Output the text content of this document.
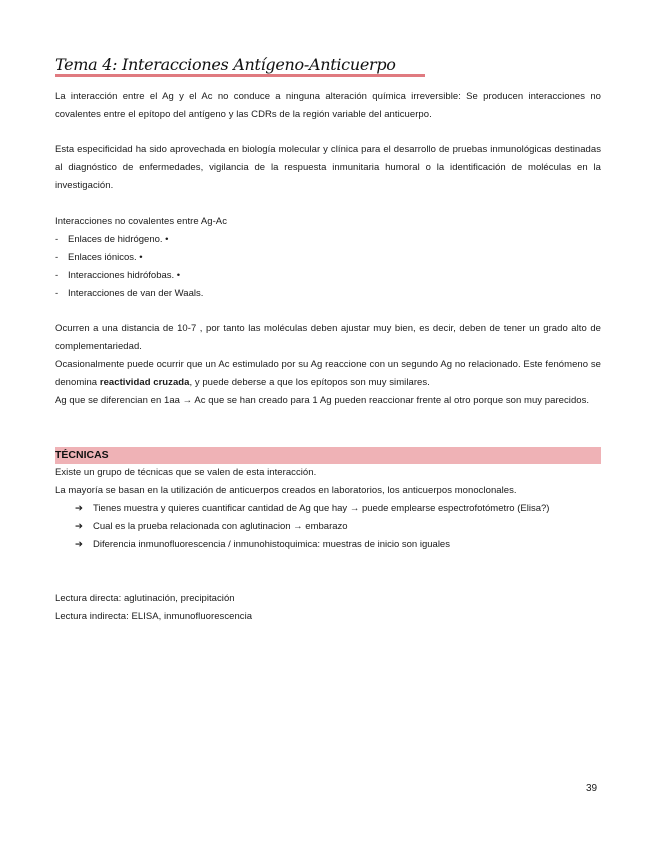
Tema 4: Interacciones Antígeno-Anticuerpo

La interacción entre el Ag y el Ac no conduce a ninguna alteración química irreversible: Se producen interacciones no covalentes entre el epítopo del antígeno y las CDRs de la región variable del anticuerpo.

Esta especificidad ha sido aprovechada en biología molecular y clínica para el desarrollo de pruebas inmunológicas destinadas al diagnóstico de enfermedades, vigilancia de la respuesta inmunitaria humoral o la identificación de moléculas en la investigación.

Interacciones no covalentes entre Ag-Ac

- Enlaces de hidrógeno. •
- Enlaces iónicos. •
- Interacciones hidrófobas. •
- Interacciones de van der Waals.

Ocurren a una distancia de 10-7 , por tanto las moléculas deben ajustar muy bien, es decir, deben de tener un grado alto de complementariedad.

Ocasionalmente puede ocurrir que un Ac estimulado por su Ag reaccione con un segundo Ag no relacionado. Este fenómeno se denomina reactividad cruzada, y puede deberse a que los epítopos son muy similares.

Ag que se diferencian en 1aa → Ac que se han creado para 1 Ag pueden reaccionar frente al otro porque son muy parecidos.

TÉCNICAS

Existe un grupo de técnicas que se valen de esta interacción.

La mayoría se basan en la utilización de anticuerpos creados en laboratorios, los anticuerpos monoclonales.

➔ Tienes muestra y quieres cuantificar cantidad de Ag que hay → puede emplearse espectrofotómetro (Elisa?)
➔ Cual es la prueba relacionada con aglutinacion → embarazo
➔ Diferencia inmunofluorescencia / inmunohistoquimica: muestras de inicio son iguales

Lectura directa: aglutinación, precipitación

Lectura indirecta: ELISA, inmunofluorescencia

39
